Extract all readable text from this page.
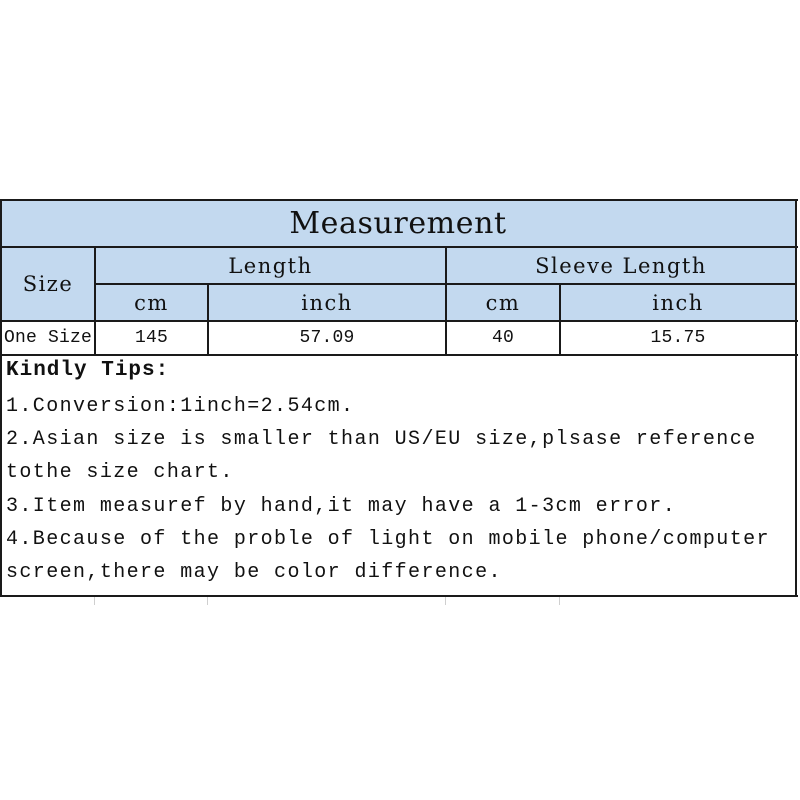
Measurement
Size
Length	Sleeve Length
cm	inch	cm	inch
One Size	145	57.09	40	15.75
Kindly Tips:
1.Conversion:1inch=2.54cm.
2.Asian size is smaller than US/EU size,plsase reference
tothe size chart.
3.Item measuref by hand,it may have a 1-3cm error.
4.Because of the proble of light on mobile phone/computer
screen,there may be color difference.
